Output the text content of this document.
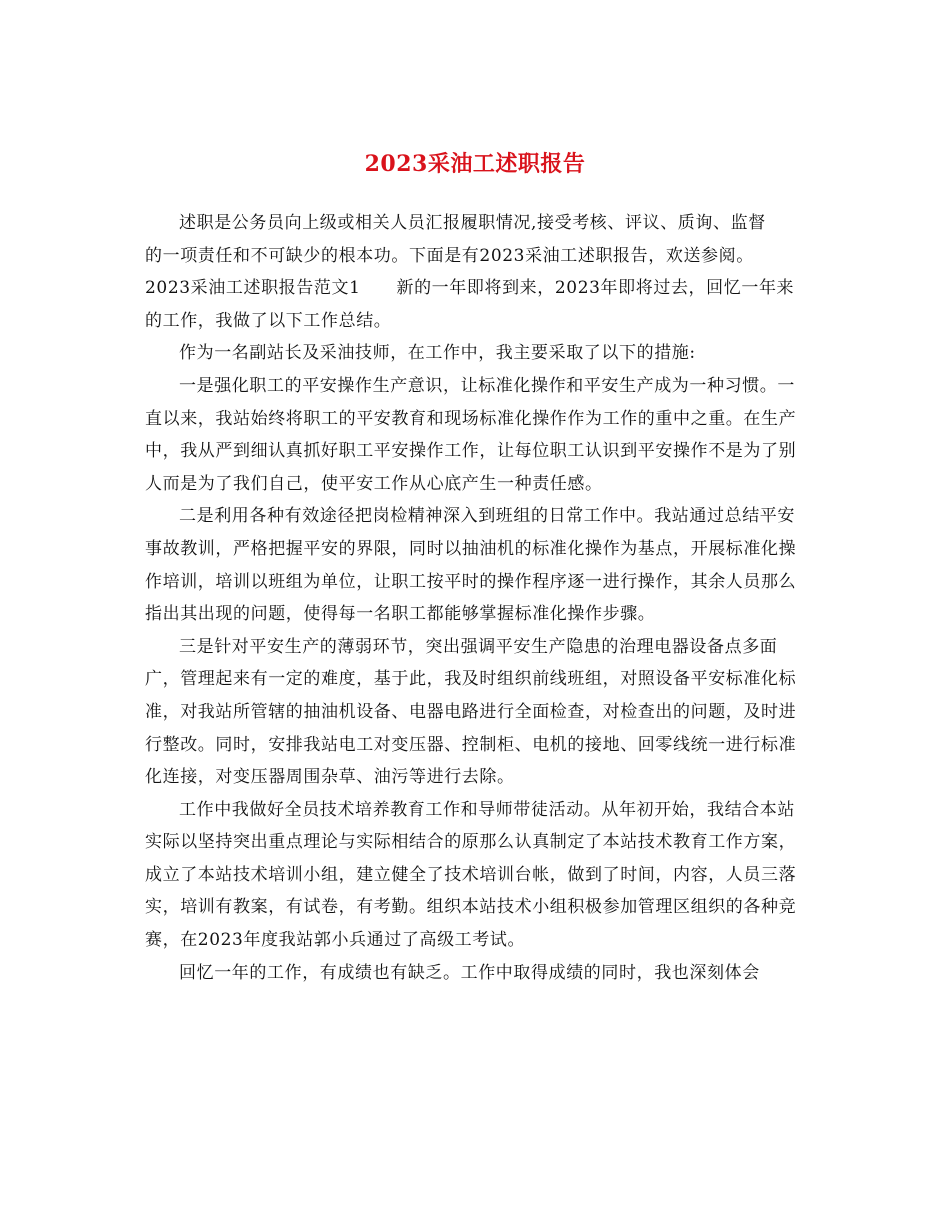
2023采油工述职报告

述职是公务员向上级或相关人员汇报履职情况,接受考核、评议、质询、监督的一项责任和不可缺少的根本功。下面是有2023采油工述职报告，欢送参阅。

2023采油工述职报告范文1 新的一年即将到来，2023年即将过去，回忆一年来的工作，我做了以下工作总结。

作为一名副站长及采油技师，在工作中，我主要采取了以下的措施:

一是强化职工的平安操作生产意识，让标准化操作和平安生产成为一种习惯。一直以来，我站始终将职工的平安教育和现场标准化操作作为工作的重中之重。在生产中，我从严到细认真抓好职工平安操作工作，让每位职工认识到平安操作不是为了别人而是为了我们自己，使平安工作从心底产生一种责任感。

二是利用各种有效途径把岗检精神深入到班组的日常工作中。我站通过总结平安事故教训，严格把握平安的界限，同时以抽油机的标准化操作为基点，开展标准化操作培训，培训以班组为单位，让职工按平时的操作程序逐一进行操作，其余人员那么指出其出现的问题，使得每一名职工都能够掌握标准化操作步骤。

三是针对平安生产的薄弱环节，突出强调平安生产隐患的治理电器设备点多面广，管理起来有一定的难度，基于此，我及时组织前线班组，对照设备平安标准化标准，对我站所管辖的抽油机设备、电器电路进行全面检查，对检查出的问题，及时进行整改。同时，安排我站电工对变压器、控制柜、电机的接地、回零线统一进行标准化连接，对变压器周围杂草、油污等进行去除。

工作中我做好全员技术培养教育工作和导师带徒活动。从年初开始，我结合本站实际以坚持突出重点理论与实际相结合的原那么认真制定了本站技术教育工作方案，成立了本站技术培训小组，建立健全了技术培训台帐，做到了时间，内容，人员三落实，培训有教案，有试卷，有考勤。组织本站技术小组积极参加管理区组织的各种竞赛，在2023年度我站郭小兵通过了高级工考试。

回忆一年的工作，有成绩也有缺乏。工作中取得成绩的同时，我也深刻体会
